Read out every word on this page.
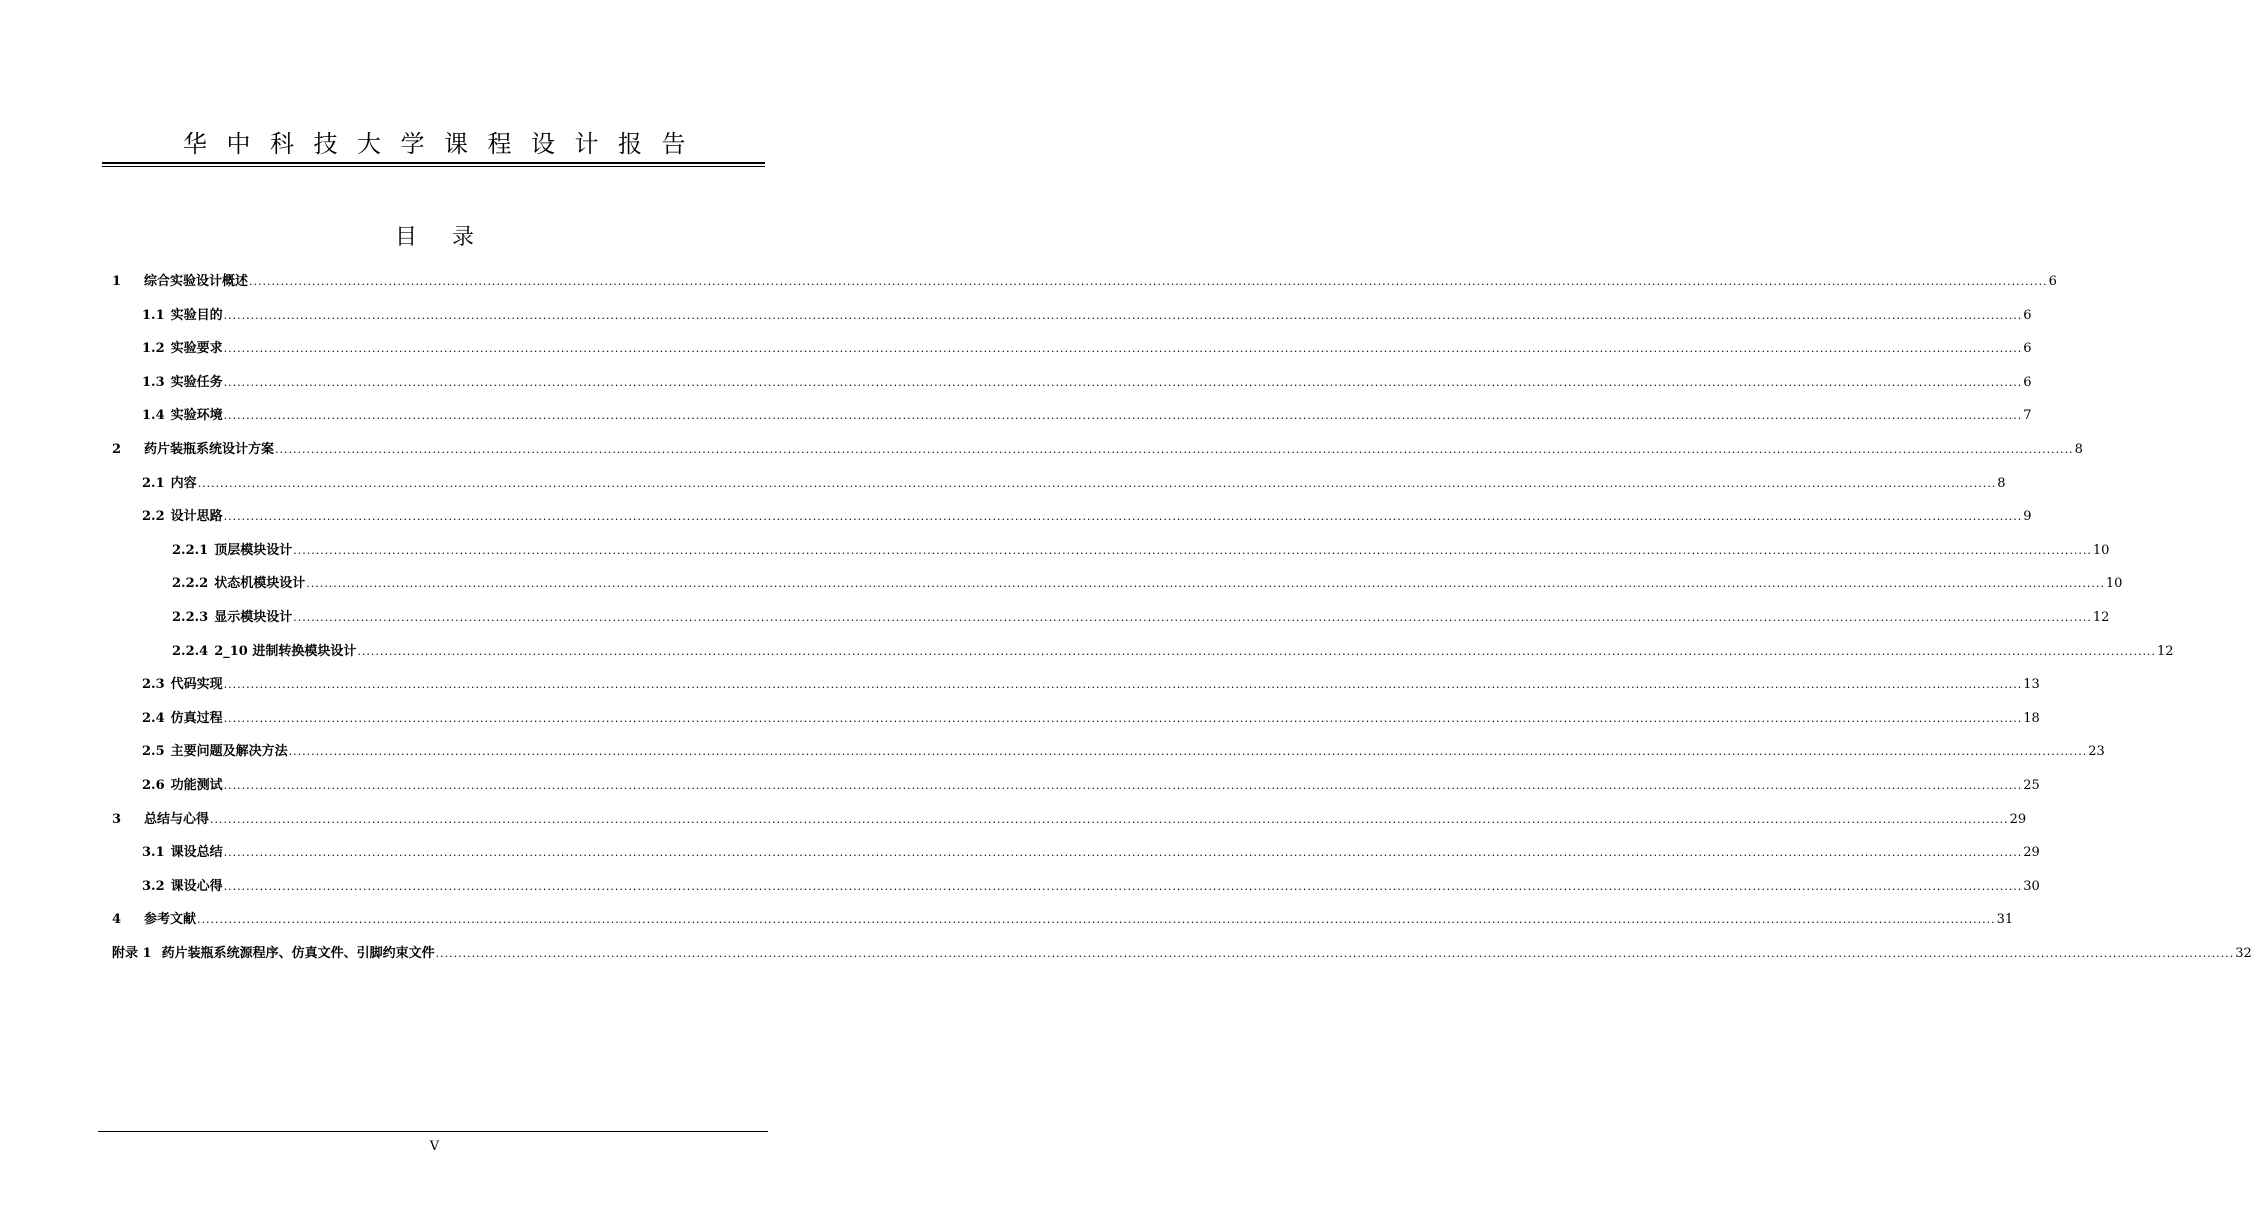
华中科技大学课程设计报告
目 录
1 综合实验设计概述 ................................................................................................................................................................................................................................................................................................................................................................................................................ 6
1.1 实验目的 ................................................................................................................................................................................................................................................................................................................................................................................................................ 6
1.2 实验要求 ................................................................................................................................................................................................................................................................................................................................................................................................................ 6
1.3 实验任务 ................................................................................................................................................................................................................................................................................................................................................................................................................ 6
1.4 实验环境 ................................................................................................................................................................................................................................................................................................................................................................................................................ 7
2 药片装瓶系统设计方案 ................................................................................................................................................................................................................................................................................................................................................................................................................ 8
2.1 内容 ................................................................................................................................................................................................................................................................................................................................................................................................................ 8
2.2 设计思路 ................................................................................................................................................................................................................................................................................................................................................................................................................ 9
2.2.1 顶层模块设计 ................................................................................................................................................................................................................................................................................................................................................................................................................ 10
2.2.2 状态机模块设计 ................................................................................................................................................................................................................................................................................................................................................................................................................ 10
2.2.3 显示模块设计 ................................................................................................................................................................................................................................................................................................................................................................................................................ 12
2.2.4 2_10 进制转换模块设计 ................................................................................................................................................................................................................................................................................................................................................................................................................ 12
2.3 代码实现 ................................................................................................................................................................................................................................................................................................................................................................................................................ 13
2.4 仿真过程 ................................................................................................................................................................................................................................................................................................................................................................................................................ 18
2.5 主要问题及解决方法 ................................................................................................................................................................................................................................................................................................................................................................................................................ 23
2.6 功能测试 ................................................................................................................................................................................................................................................................................................................................................................................................................ 25
3 总结与心得 ................................................................................................................................................................................................................................................................................................................................................................................................................ 29
3.1 课设总结 ................................................................................................................................................................................................................................................................................................................................................................................................................ 29
3.2 课设心得 ................................................................................................................................................................................................................................................................................................................................................................................................................ 30
4 参考文献 ................................................................................................................................................................................................................................................................................................................................................................................................................ 31
附录 1 药片装瓶系统源程序、仿真文件、引脚约束文件 ................................................................................................................................................................................................................................................................................................................................................................................................................ 32
V
